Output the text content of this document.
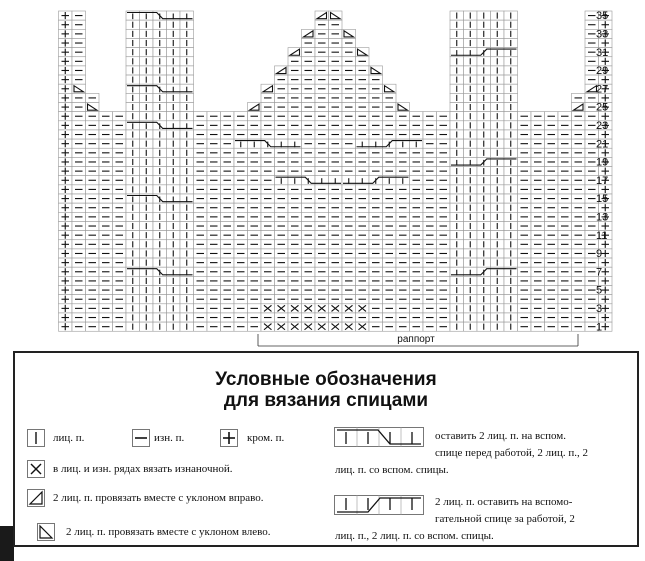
35
33
31
29
27
25
23
21
19
17
15
13
11
9
7
5
3
1
раппорт
Условные обозначения
для вязания спицами
лиц. п.	изн. п.	кром. п.
в лиц. и изн. рядах вязать изнаночной.
2 лиц. п. провязать вместе с уклоном вправо.
2 лиц. п. провязать вместе с уклоном влево.
оставить 2 лиц. п. на вспом.
спице перед работой, 2 лиц. п., 2
лиц. п. со вспом. спицы.
2 лиц. п. оставить на вспомо-
гательной спице за работой, 2
лиц. п., 2 лиц. п. со вспом. спицы.
